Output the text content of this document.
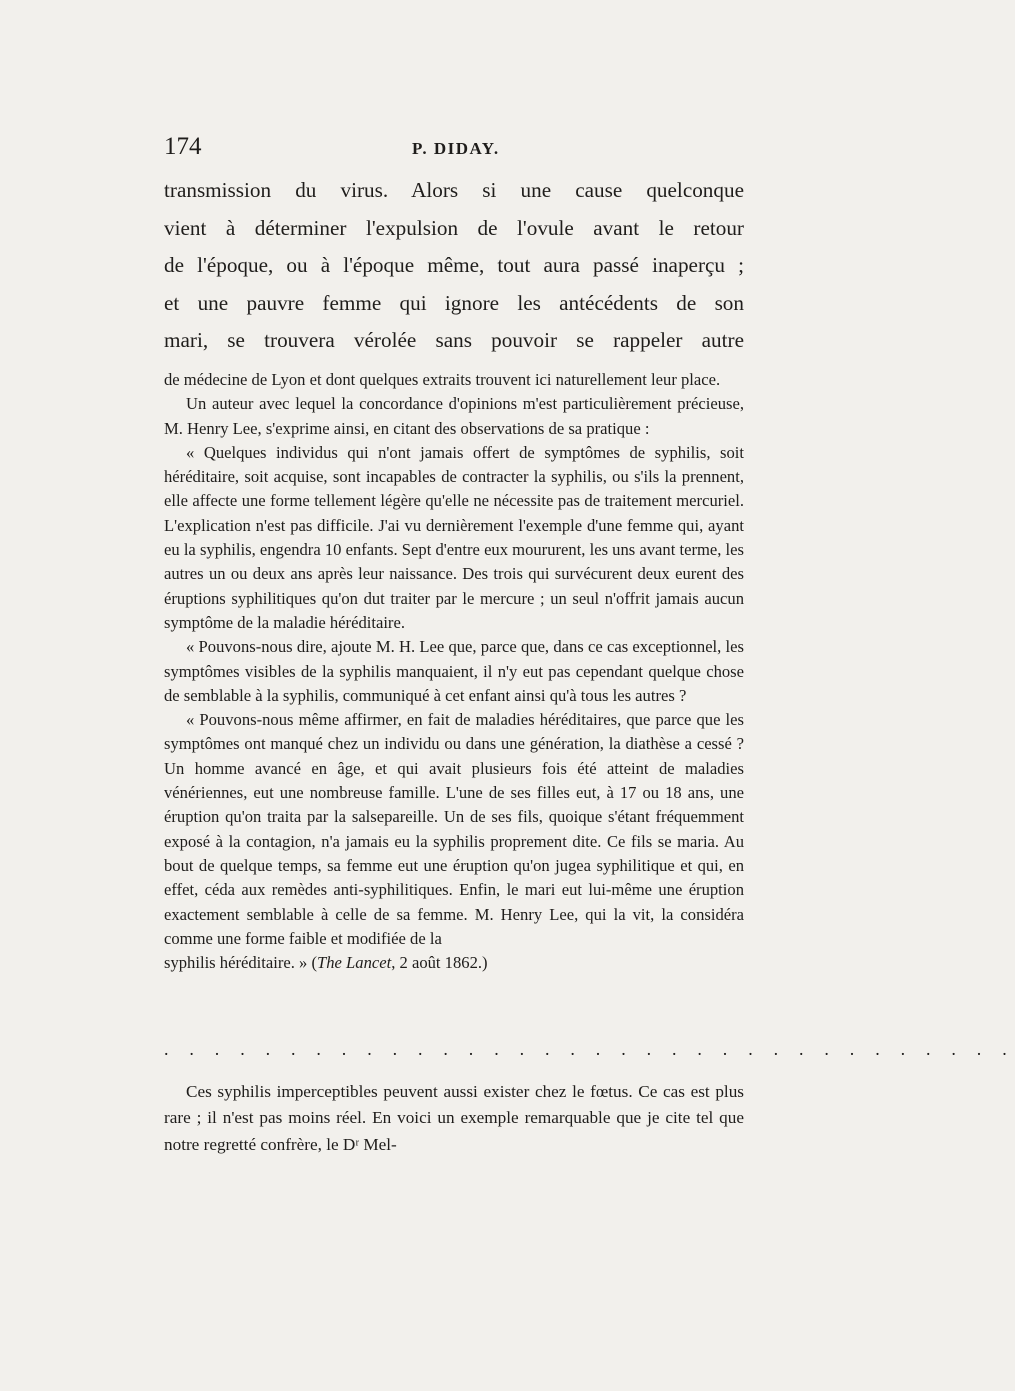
174	P. DIDAY.
transmission du virus. Alors si une cause quelconque
vient à déterminer l'expulsion de l'ovule avant le retour
de l'époque, ou à l'époque même, tout aura passé inaperçu ;
et une pauvre femme qui ignore les antécédents de son
mari, se trouvera vérolée sans pouvoir se rappeler autre

de médecine de Lyon et dont quelques extraits trouvent ici naturellement leur place.

Un auteur avec lequel la concordance d'opinions m'est particulièrement précieuse, M. Henry Lee, s'exprime ainsi, en citant des observations de sa pratique :

« Quelques individus qui n'ont jamais offert de symptômes de syphilis, soit héréditaire, soit acquise, sont incapables de contracter la syphilis, ou s'ils la prennent, elle affecte une forme tellement légère qu'elle ne nécessite pas de traitement mercuriel. L'explication n'est pas difficile. J'ai vu dernièrement l'exemple d'une femme qui, ayant eu la syphilis, engendra 10 enfants. Sept d'entre eux moururent, les uns avant terme, les autres un ou deux ans après leur naissance. Des trois qui survécurent deux eurent des éruptions syphilitiques qu'on dut traiter par le mercure ; un seul n'offrit jamais aucun symptôme de la maladie héréditaire.

« Pouvons-nous dire, ajoute M. H. Lee que, parce que, dans ce cas exceptionnel, les symptômes visibles de la syphilis manquaient, il n'y eut pas cependant quelque chose de semblable à la syphilis, communiqué à cet enfant ainsi qu'à tous les autres ?

« Pouvons-nous même affirmer, en fait de maladies héréditaires, que parce que les symptômes ont manqué chez un individu ou dans une génération, la diathèse a cessé ? Un homme avancé en âge, et qui avait plusieurs fois été atteint de maladies vénériennes, eut une nombreuse famille. L'une de ses filles eut, à 17 ou 18 ans, une éruption qu'on traita par la salsepareille. Un de ses fils, quoique s'étant fréquemment exposé à la contagion, n'a jamais eu la syphilis proprement dite. Ce fils se maria. Au bout de quelque temps, sa femme eut une éruption qu'on jugea syphilitique et qui, en effet, céda aux remèdes anti-syphilitiques. Enfin, le mari eut lui-même une éruption exactement semblable à celle de sa femme. M. Henry Lee, qui la vit, la considéra comme une forme faible et modifiée de la

syphilis héréditaire. » (The Lancet, 2 août 1862.)

. . . . . . . . . . . . . . . . . . . . . . . . . . . . . . . . . .

Ces syphilis imperceptibles peuvent aussi exister chez le fœtus. Ce cas est plus rare ; il n'est pas moins réel. En voici un exemple remarquable que je cite tel que notre regretté confrère, le Dʳ Mel-
